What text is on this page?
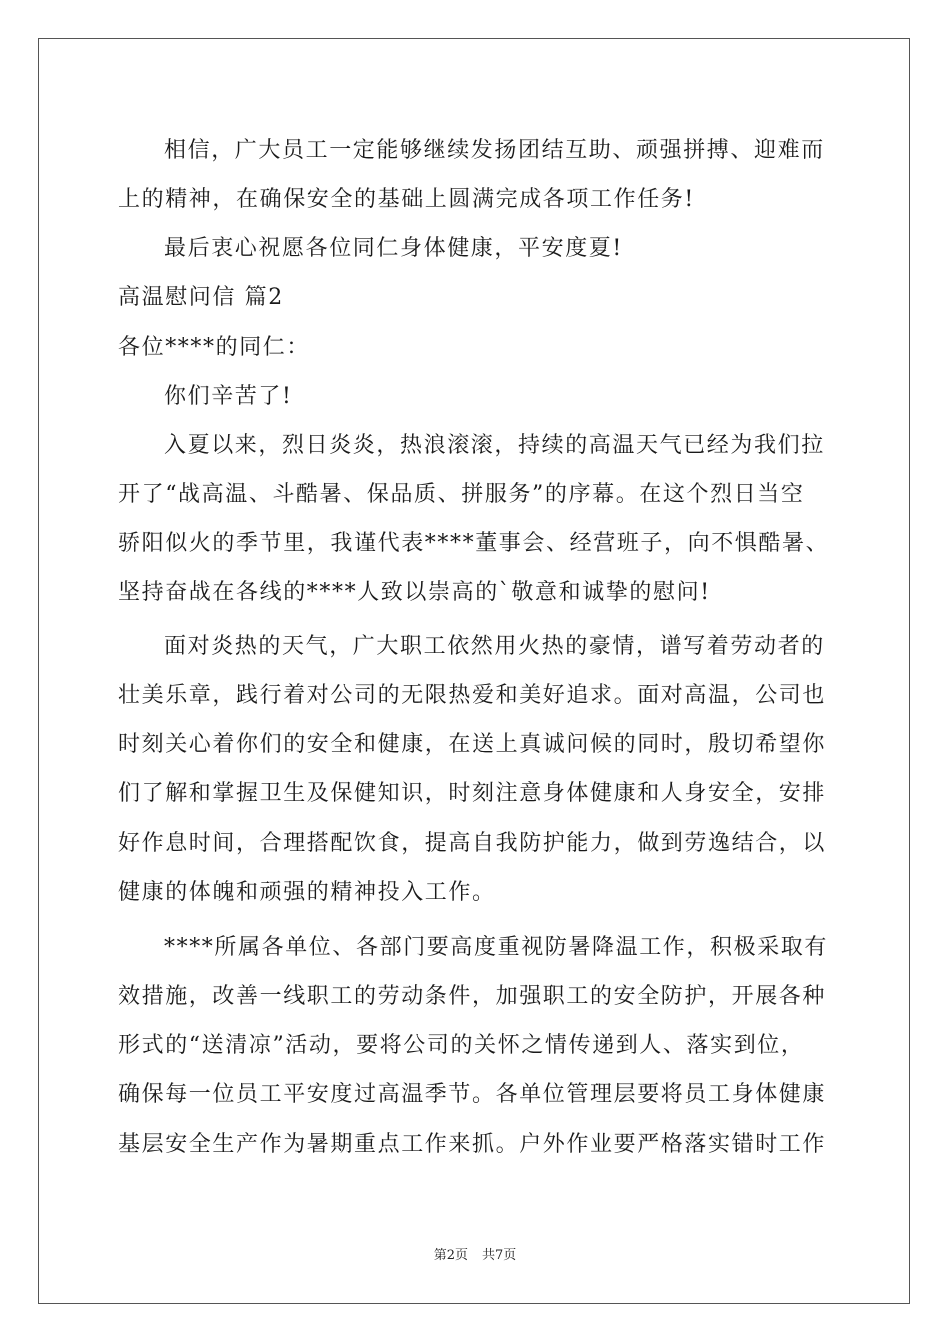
相信，广大员工一定能够继续发扬团结互助、顽强拼搏、迎难而
上的精神，在确保安全的基础上圆满完成各项工作任务!
最后衷心祝愿各位同仁身体健康，平安度夏!
高温慰问信 篇2
各位****的同仁：
你们辛苦了!
入夏以来，烈日炎炎，热浪滚滚，持续的高温天气已经为我们拉
开了“战高温、斗酷暑、保品质、拼服务”的序幕。在这个烈日当空
骄阳似火的季节里，我谨代表****董事会、经营班子，向不惧酷暑、
坚持奋战在各线的****人致以崇高的`敬意和诚挚的慰问!
面对炎热的天气，广大职工依然用火热的豪情，谱写着劳动者的
壮美乐章，践行着对公司的无限热爱和美好追求。面对高温，公司也
时刻关心着你们的安全和健康，在送上真诚问候的同时，殷切希望你
们了解和掌握卫生及保健知识，时刻注意身体健康和人身安全，安排
好作息时间，合理搭配饮食，提高自我防护能力，做到劳逸结合，以
健康的体魄和顽强的精神投入工作。
****所属各单位、各部门要高度重视防暑降温工作，积极采取有
效措施，改善一线职工的劳动条件，加强职工的安全防护，开展各种
形式的“送清凉”活动，要将公司的关怀之情传递到人、落实到位，
确保每一位员工平安度过高温季节。各单位管理层要将员工身体健康
基层安全生产作为暑期重点工作来抓。户外作业要严格落实错时工作
第2页 共7页
